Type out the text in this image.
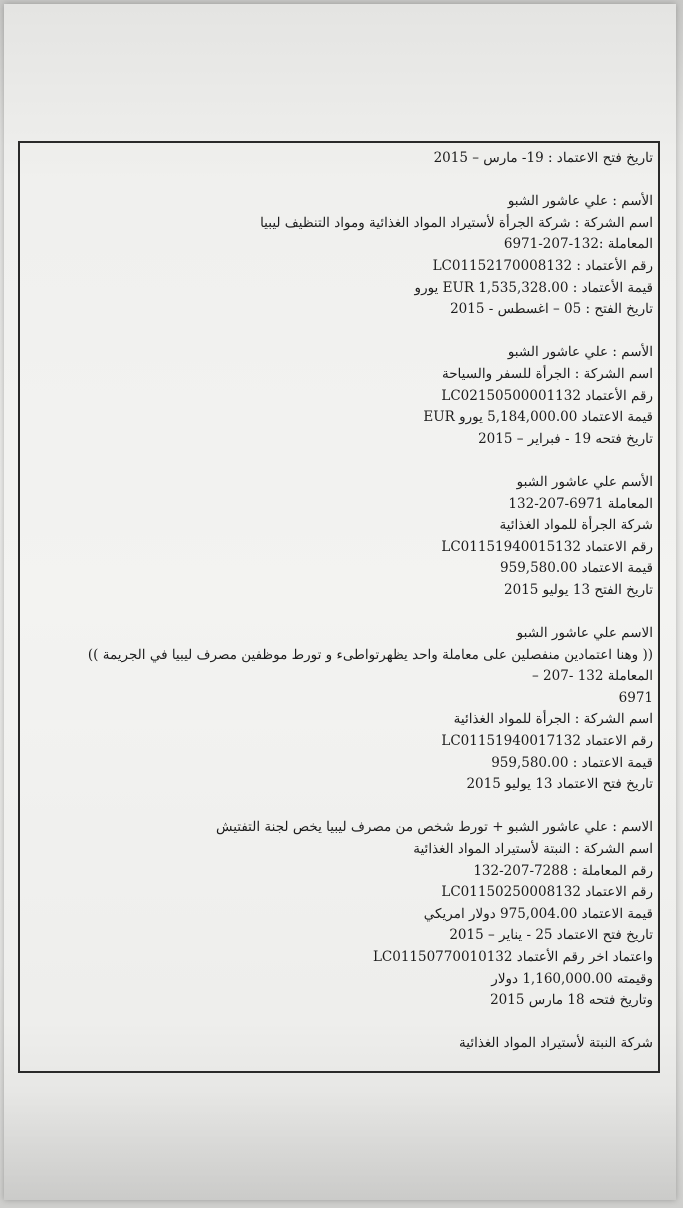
تاريخ فتح الاعتماد : 19- مارس – 2015
الأسم : علي عاشور الشبو
اسم الشركة : شركة الجرأة لأستيراد المواد الغذائية ومواد التنظيف ليبيا
المعاملة :132-207-6971
رقم الأعتماد : LC01152170008132
قيمة الأعتماد : EUR 1,535,328.00 يورو
تاريخ الفتح : 05 – اغسطس - 2015
الأسم : علي عاشور الشبو
اسم الشركة : الجرأة للسفر والسياحة
رقم الأعتماد LC02150500001132
قيمة الاعتماد 5,184,000.00 يورو EUR
تاريخ فتحه 19 - فبراير – 2015
الأسم علي عاشور الشبو
المعاملة 6971-207-132
شركة الجرأة للمواد الغذائية
رقم الاعتماد LC01151940015132
قيمة الاعتماد 959,580.00
تاريخ الفتح 13 يوليو 2015
الاسم علي عاشور الشبو
(( وهنا اعتمادين منفصلين على معاملة واحد يظهرتواطىء و تورط موظفين مصرف ليبيا في الجريمة ))
المعاملة 132 -207 –
6971
اسم الشركة : الجرأة للمواد الغذائية
رقم الاعتماد LC01151940017132
قيمة الاعتماد : 959,580.00
تاريخ فتح الاعتماد 13 يوليو 2015
الاسم : علي عاشور الشبو + تورط شخص من مصرف ليبيا يخص لجنة التفتيش
اسم الشركة : النبتة لأستيراد المواد الغذائية
رقم المعاملة : 7288-207-132
رقم الاعتماد LC01150250008132
قيمة الاعتماد 975,004.00 دولار امريكي
تاريخ فتح الاعتماد 25 - يناير – 2015
واعتماد اخر رقم الأعتماد LC01150770010132
وقيمته 1,160,000.00 دولار
وتاريخ فتحه 18 مارس 2015
شركة النبتة لأستيراد المواد الغذائية
